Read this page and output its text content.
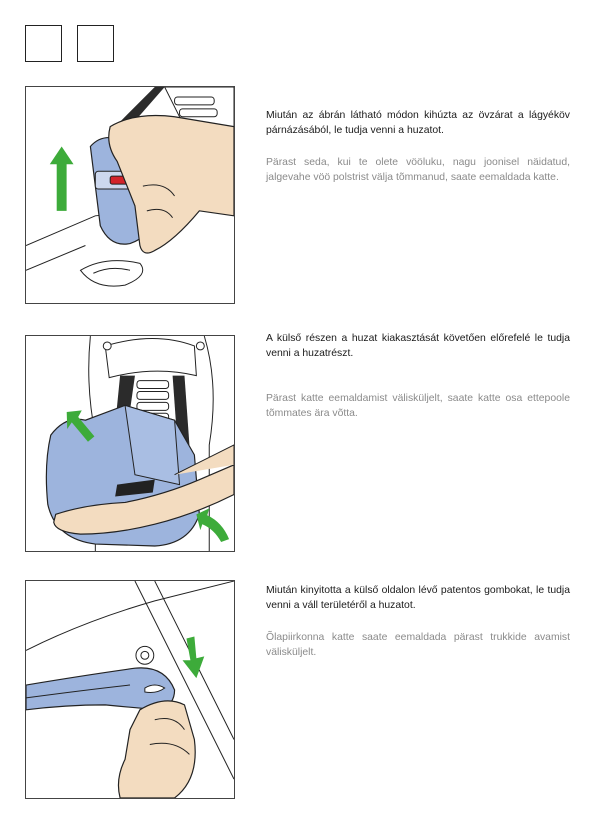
Miután az ábrán látható módon kihúzta az övzárat a lágyéköv párnázásából, le tudja venni a huzatot.

Pärast seda, kui te olete vööluku, nagu joonisel näidatud, jalgevahe vöö polstrist välja tõmmanud, saate eemaldada katte.

A külső részen a huzat kiakasztását követően előrefelé le tudja venni a huzatrészt.

Pärast katte eemaldamist välisküljelt, saate katte osa ettepoole tõmmates ära võtta.

Miután kinyitotta a külső oldalon lévő patentos gombokat, le tudja venni a váll területéről a huzatot.

Õlapiirkonna katte saate eemaldada pärast trukkide avamist välisküljelt.
